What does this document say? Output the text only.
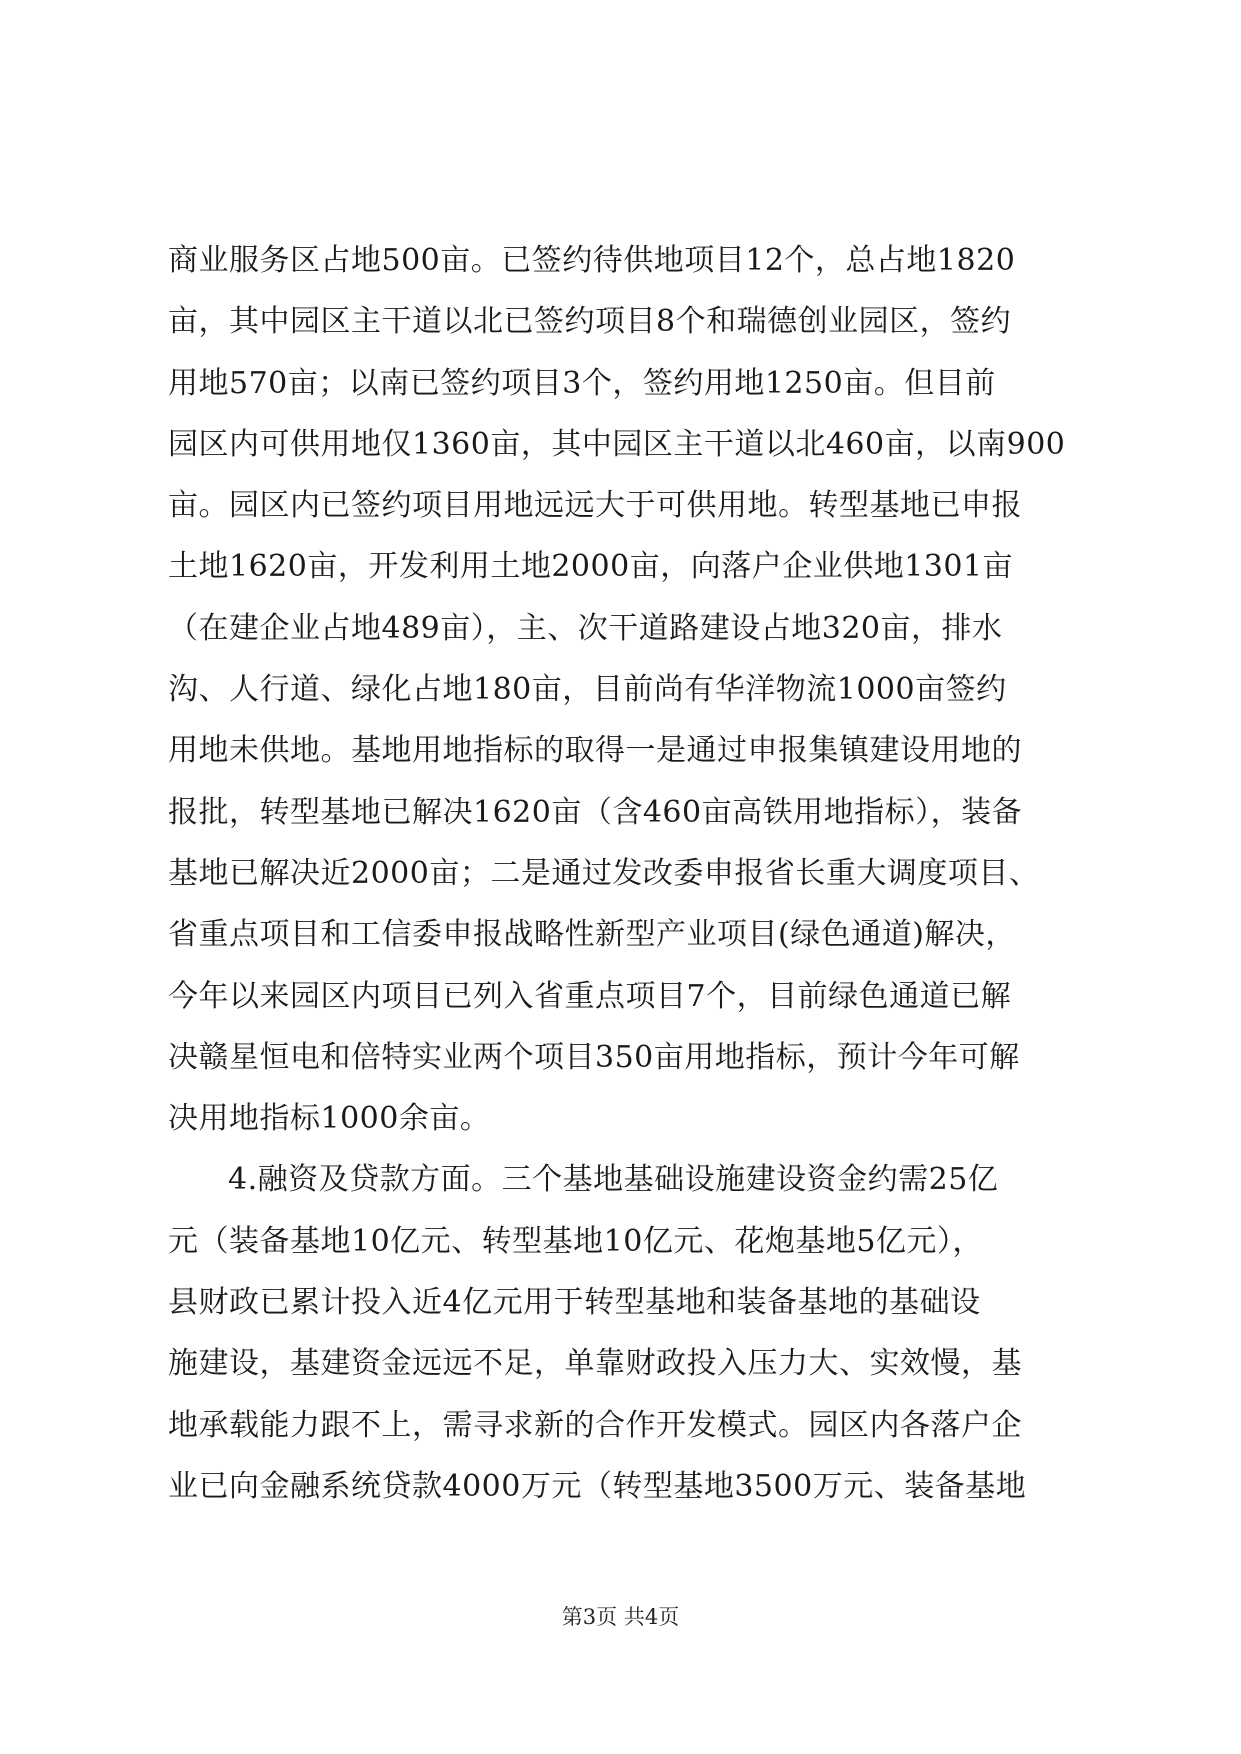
商业服务区占地500亩。已签约待供地项目12个，总占地1820
亩，其中园区主干道以北已签约项目8个和瑞德创业园区，签约
用地570亩；以南已签约项目3个，签约用地1250亩。但目前
园区内可供用地仅1360亩，其中园区主干道以北460亩，以南900
亩。园区内已签约项目用地远远大于可供用地。转型基地已申报
土地1620亩，开发利用土地2000亩，向落户企业供地1301亩
（在建企业占地489亩），主、次干道路建设占地320亩，排水
沟、人行道、绿化占地180亩，目前尚有华洋物流1000亩签约
用地未供地。基地用地指标的取得一是通过申报集镇建设用地的
报批，转型基地已解决1620亩（含460亩高铁用地指标），装备
基地已解决近2000亩；二是通过发改委申报省长重大调度项目、
省重点项目和工信委申报战略性新型产业项目(绿色通道)解决，
今年以来园区内项目已列入省重点项目7个，目前绿色通道已解
决赣星恒电和倍特实业两个项目350亩用地指标，预计今年可解
决用地指标1000余亩。
4.融资及贷款方面。三个基地基础设施建设资金约需25亿
元（装备基地10亿元、转型基地10亿元、花炮基地5亿元），
县财政已累计投入近4亿元用于转型基地和装备基地的基础设
施建设，基建资金远远不足，单靠财政投入压力大、实效慢，基
地承载能力跟不上，需寻求新的合作开发模式。园区内各落户企
业已向金融系统贷款4000万元（转型基地3500万元、装备基地
第3页 共4页
